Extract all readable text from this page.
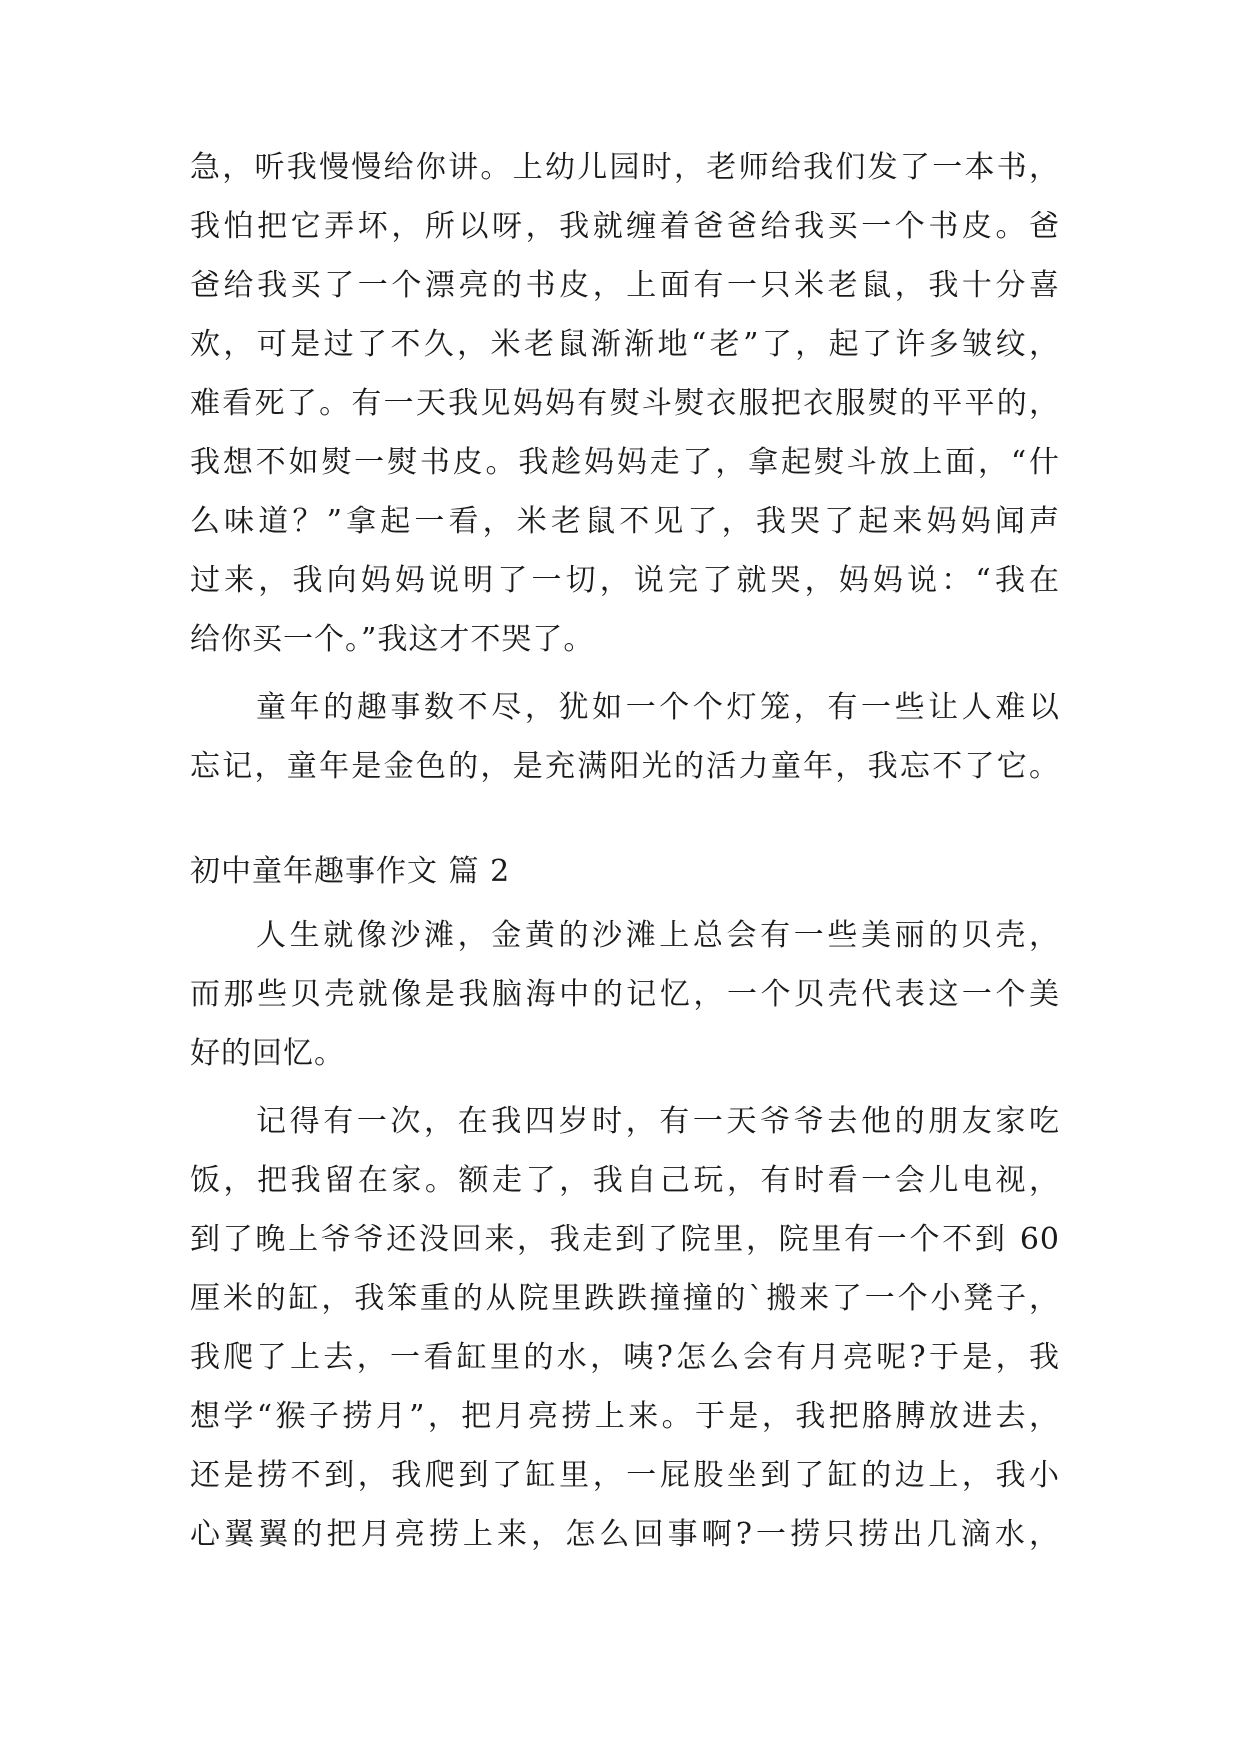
急，听我慢慢给你讲。上幼儿园时，老师给我们发了一本书，
我怕把它弄坏，所以呀，我就缠着爸爸给我买一个书皮。爸
爸给我买了一个漂亮的书皮，上面有一只米老鼠，我十分喜
欢，可是过了不久，米老鼠渐渐地“老”了，起了许多皱纹，
难看死了。有一天我见妈妈有熨斗熨衣服把衣服熨的平平的，
我想不如熨一熨书皮。我趁妈妈走了，拿起熨斗放上面，“什
么味道？”拿起一看，米老鼠不见了，我哭了起来妈妈闻声
过来，我向妈妈说明了一切，说完了就哭，妈妈说：“我在
给你买一个。”我这才不哭了。
童年的趣事数不尽，犹如一个个灯笼，有一些让人难以
忘记，童年是金色的，是充满阳光的活力童年，我忘不了它。
初中童年趣事作文 篇 2
人生就像沙滩，金黄的沙滩上总会有一些美丽的贝壳，
而那些贝壳就像是我脑海中的记忆，一个贝壳代表这一个美
好的回忆。
记得有一次，在我四岁时，有一天爷爷去他的朋友家吃
饭，把我留在家。额走了，我自己玩，有时看一会儿电视，
到了晚上爷爷还没回来，我走到了院里，院里有一个不到 60
厘米的缸，我笨重的从院里跌跌撞撞的`搬来了一个小凳子，
我爬了上去，一看缸里的水，咦?怎么会有月亮呢?于是，我
想学“猴子捞月”，把月亮捞上来。于是，我把胳膊放进去，
还是捞不到，我爬到了缸里，一屁股坐到了缸的边上，我小
心翼翼的把月亮捞上来，怎么回事啊?一捞只捞出几滴水，
